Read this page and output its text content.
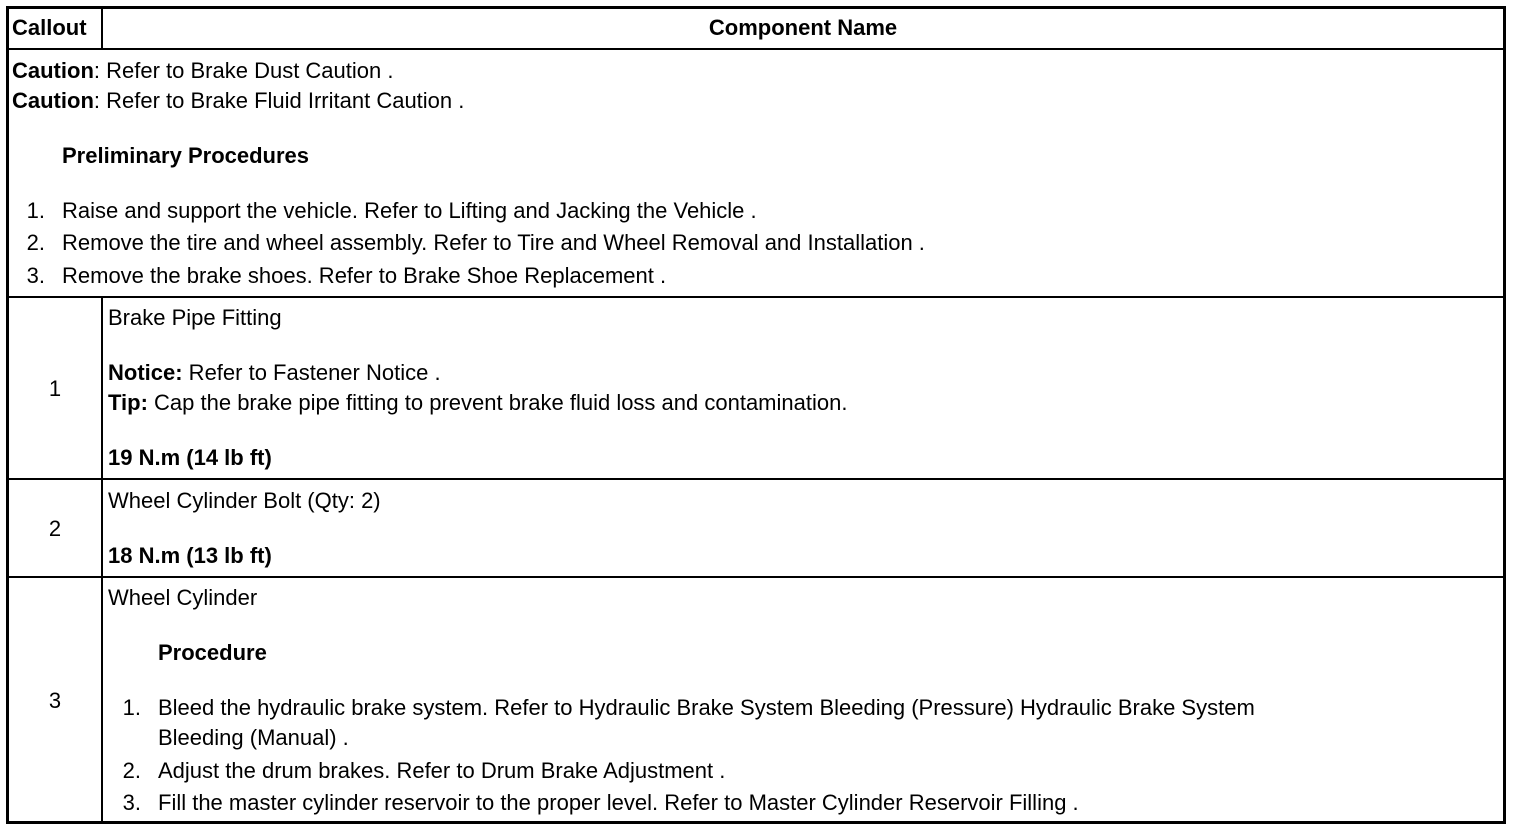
Callout	Component Name
Caution: Refer to Brake Dust Caution .
Caution: Refer to Brake Fluid Irritant Caution .
Preliminary Procedures
1. Raise and support the vehicle. Refer to Lifting and Jacking the Vehicle .
2. Remove the tire and wheel assembly. Refer to Tire and Wheel Removal and Installation .
3. Remove the brake shoes. Refer to Brake Shoe Replacement .
1
Brake Pipe Fitting
Notice: Refer to Fastener Notice .
Tip: Cap the brake pipe fitting to prevent brake fluid loss and contamination.
19 N.m (14 lb ft)
2
Wheel Cylinder Bolt (Qty: 2)
18 N.m (13 lb ft)
3
Wheel Cylinder
Procedure
1. Bleed the hydraulic brake system. Refer to Hydraulic Brake System Bleeding (Pressure) Hydraulic Brake System
Bleeding (Manual) .
2. Adjust the drum brakes. Refer to Drum Brake Adjustment .
3. Fill the master cylinder reservoir to the proper level. Refer to Master Cylinder Reservoir Filling .
